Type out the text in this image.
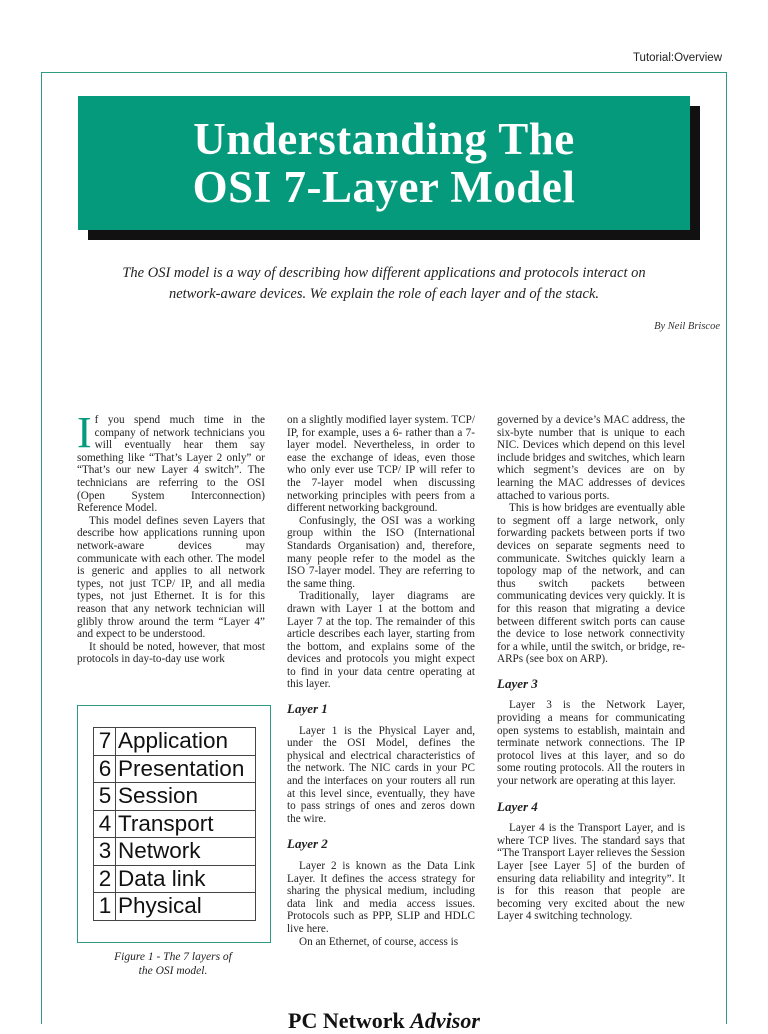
Tutorial:Overview
Understanding The
OSI 7-Layer Model
The OSI model is a way of describing how different applications and protocols interact on network-aware devices. We explain the role of each layer and of the stack.
By Neil Briscoe

If you spend much time in the company of network technicians you will eventually hear them say something like “That’s Layer 2 only” or “That’s our new Layer 4 switch”. The technicians are referring to the OSI (Open System Interconnection) Reference Model.

This model defines seven Layers that describe how applications running upon network-aware devices may communicate with each other. The model is generic and applies to all network types, not just TCP/ IP, and all media types, not just Ethernet. It is for this reason that any network technician will glibly throw around the term “Layer 4” and expect to be understood.

It should be noted, however, that most protocols in day-to-day use work

7	Application
6	Presentation
5	Session
4	Transport
3	Network
2	Data link
1	Physical
Figure 1 - The 7 layers of
the OSI model.

on a slightly modified layer system. TCP/ IP, for example, uses a 6- rather than a 7-layer model. Nevertheless, in order to ease the exchange of ideas, even those who only ever use TCP/ IP will refer to the 7-layer model when discussing networking principles with peers from a different networking background.

Confusingly, the OSI was a working group within the ISO (International Standards Organisation) and, therefore, many people refer to the model as the ISO 7-layer model. They are referring to the same thing.

Traditionally, layer diagrams are drawn with Layer 1 at the bottom and Layer 7 at the top. The remainder of this article describes each layer, starting from the bottom, and explains some of the devices and protocols you might expect to find in your data centre operating at this layer.

Layer 1

Layer 1 is the Physical Layer and, under the OSI Model, defines the physical and electrical characteristics of the network. The NIC cards in your PC and the interfaces on your routers all run at this level since, eventually, they have to pass strings of ones and zeros down the wire.

Layer 2

Layer 2 is known as the Data Link Layer. It defines the access strategy for sharing the physical medium, including data link and media access issues. Protocols such as PPP, SLIP and HDLC live here.

On an Ethernet, of course, access is

governed by a device’s MAC address, the six-byte number that is unique to each NIC. Devices which depend on this level include bridges and switches, which learn which segment’s devices are on by learning the MAC addresses of devices attached to various ports.

This is how bridges are eventually able to segment off a large network, only forwarding packets between ports if two devices on separate segments need to communicate. Switches quickly learn a topology map of the network, and can thus switch packets between communicating devices very quickly. It is for this reason that migrating a device between different switch ports can cause the device to lose network connectivity for a while, until the switch, or bridge, re-ARPs (see box on ARP).

Layer 3

Layer 3 is the Network Layer, providing a means for communicating open systems to establish, maintain and terminate network connections. The IP protocol lives at this layer, and so do some routing protocols. All the routers in your network are operating at this layer.

Layer 4

Layer 4 is the Transport Layer, and is where TCP lives. The standard says that “The Transport Layer relieves the Session Layer [see Layer 5] of the burden of ensuring data reliability and integrity”. It is for this reason that people are becoming very excited about the new Layer 4 switching technology.

PC Network Advisor
